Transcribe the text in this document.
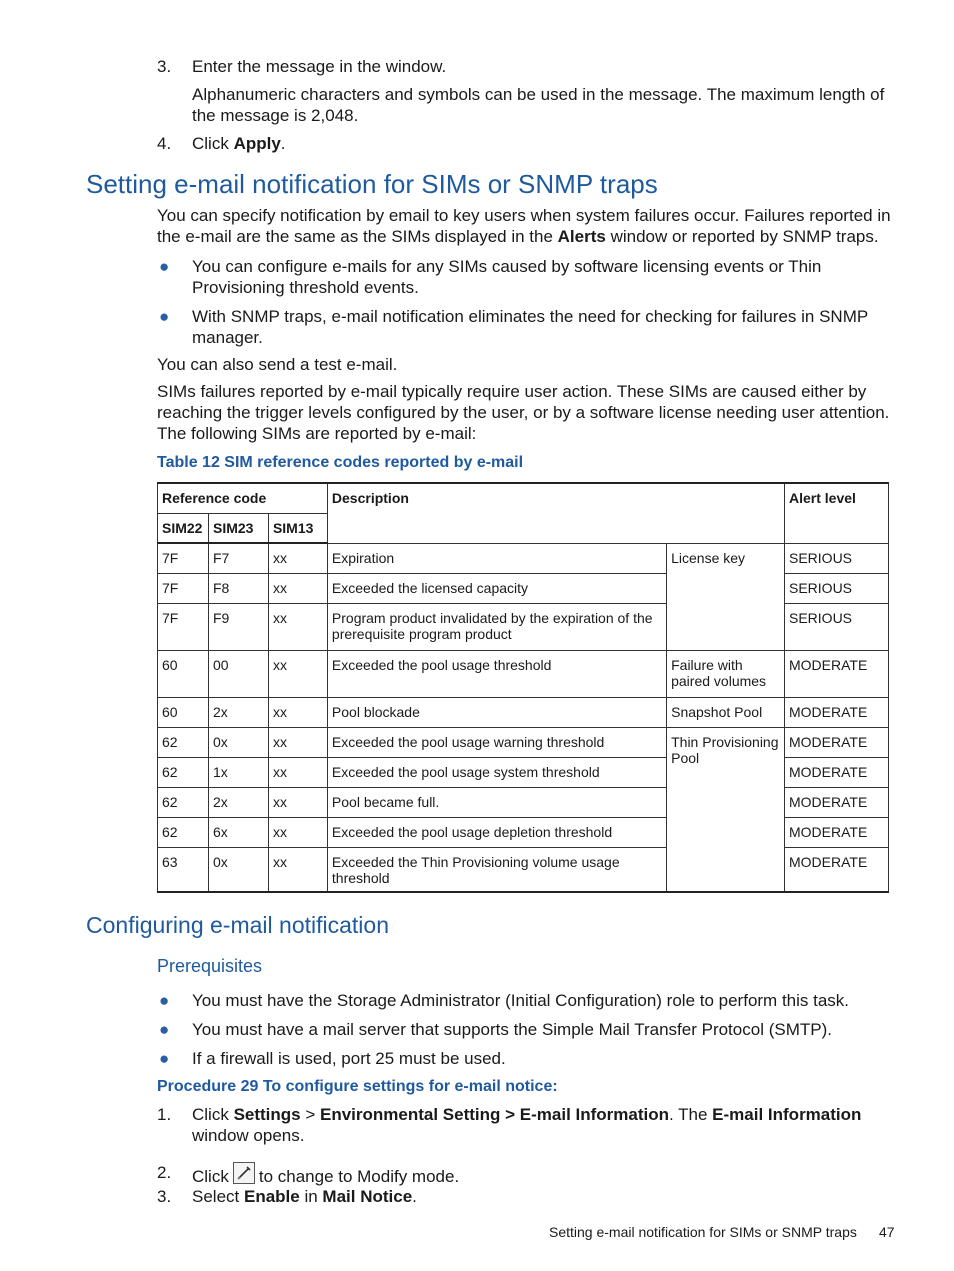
3. Enter the message in the window.
Alphanumeric characters and symbols can be used in the message. The maximum length of the message is 2,048.
4. Click Apply.
Setting e-mail notification for SIMs or SNMP traps
You can specify notification by email to key users when system failures occur. Failures reported in the e-mail are the same as the SIMs displayed in the Alerts window or reported by SNMP traps.
● You can configure e-mails for any SIMs caused by software licensing events or Thin Provisioning threshold events.
● With SNMP traps, e-mail notification eliminates the need for checking for failures in SNMP manager.
You can also send a test e-mail.
SIMs failures reported by e-mail typically require user action. These SIMs are caused either by reaching the trigger levels configured by the user, or by a software license needing user attention. The following SIMs are reported by e-mail:
Table 12 SIM reference codes reported by e-mail
Reference code			Description		Alert level
SIM22	SIM23	SIM13			
7F	F7	xx	Expiration	License key	SERIOUS
7F	F8	xx	Exceeded the licensed capacity		SERIOUS
7F	F9	xx	Program product invalidated by the expiration of the prerequisite program product		SERIOUS
60	00	xx	Exceeded the pool usage threshold	Failure with paired volumes	MODERATE
60	2x	xx	Pool blockade	Snapshot Pool	MODERATE
62	0x	xx	Exceeded the pool usage warning threshold	Thin Provisioning Pool	MODERATE
62	1x	xx	Exceeded the pool usage system threshold		MODERATE
62	2x	xx	Pool became full.		MODERATE
62	6x	xx	Exceeded the pool usage depletion threshold		MODERATE
63	0x	xx	Exceeded the Thin Provisioning volume usage threshold		MODERATE
Configuring e-mail notification
Prerequisites
● You must have the Storage Administrator (Initial Configuration) role to perform this task.
● You must have a mail server that supports the Simple Mail Transfer Protocol (SMTP).
● If a firewall is used, port 25 must be used.
Procedure 29 To configure settings for e-mail notice:
1. Click Settings > Environmental Setting > E-mail Information. The E-mail Information window opens.
2. Click to change to Modify mode.
3. Select Enable in Mail Notice.
Setting e-mail notification for SIMs or SNMP traps 47
